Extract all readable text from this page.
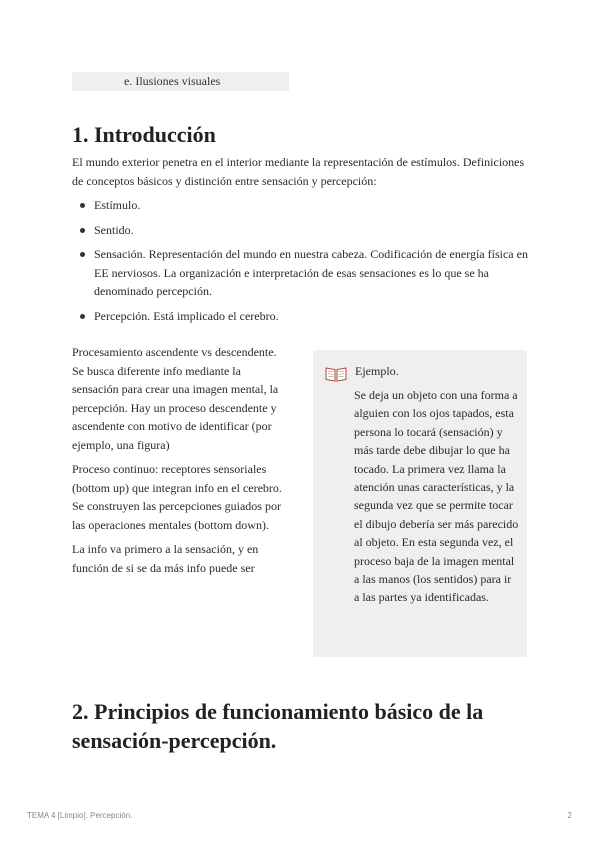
e. Ilusiones visuales
1. Introducción

El mundo exterior penetra en el interior mediante la representación de estímulos. Definiciones de conceptos básicos y distinción entre sensación y percepción:

Estímulo.
Sentido.
Sensación. Representación del mundo en nuestra cabeza. Codificación de energía física en EE nerviosos. La organización e interpretación de esas sensaciones es lo que se ha denominado percepción.
Percepción. Está implicado el cerebro.

Procesamiento ascendente vs descendente. Se busca diferente info mediante la sensación para crear una imagen mental, la percepción. Hay un proceso descendente y ascendente con motivo de identificar (por ejemplo, una figura)

Proceso continuo: receptores sensoriales (bottom up) que integran info en el cerebro. Se construyen las percepciones guiados por las operaciones mentales (bottom down).

La info va primero a la sensación, y en función de si se da más info puede ser

Ejemplo.
Se deja un objeto con una forma a alguien con los ojos tapados, esta persona lo tocará (sensación) y más tarde debe dibujar lo que ha tocado. La primera vez llama la atención unas características, y la segunda vez que se permite tocar el dibujo debería ser más parecido al objeto. En esta segunda vez, el proceso baja de la imagen mental a las manos (los sentidos) para ir a las partes ya identificadas.
2. Principios de funcionamiento básico de la sensación-percepción.
TEMA 4 [Limpio]. Percepción.	2
